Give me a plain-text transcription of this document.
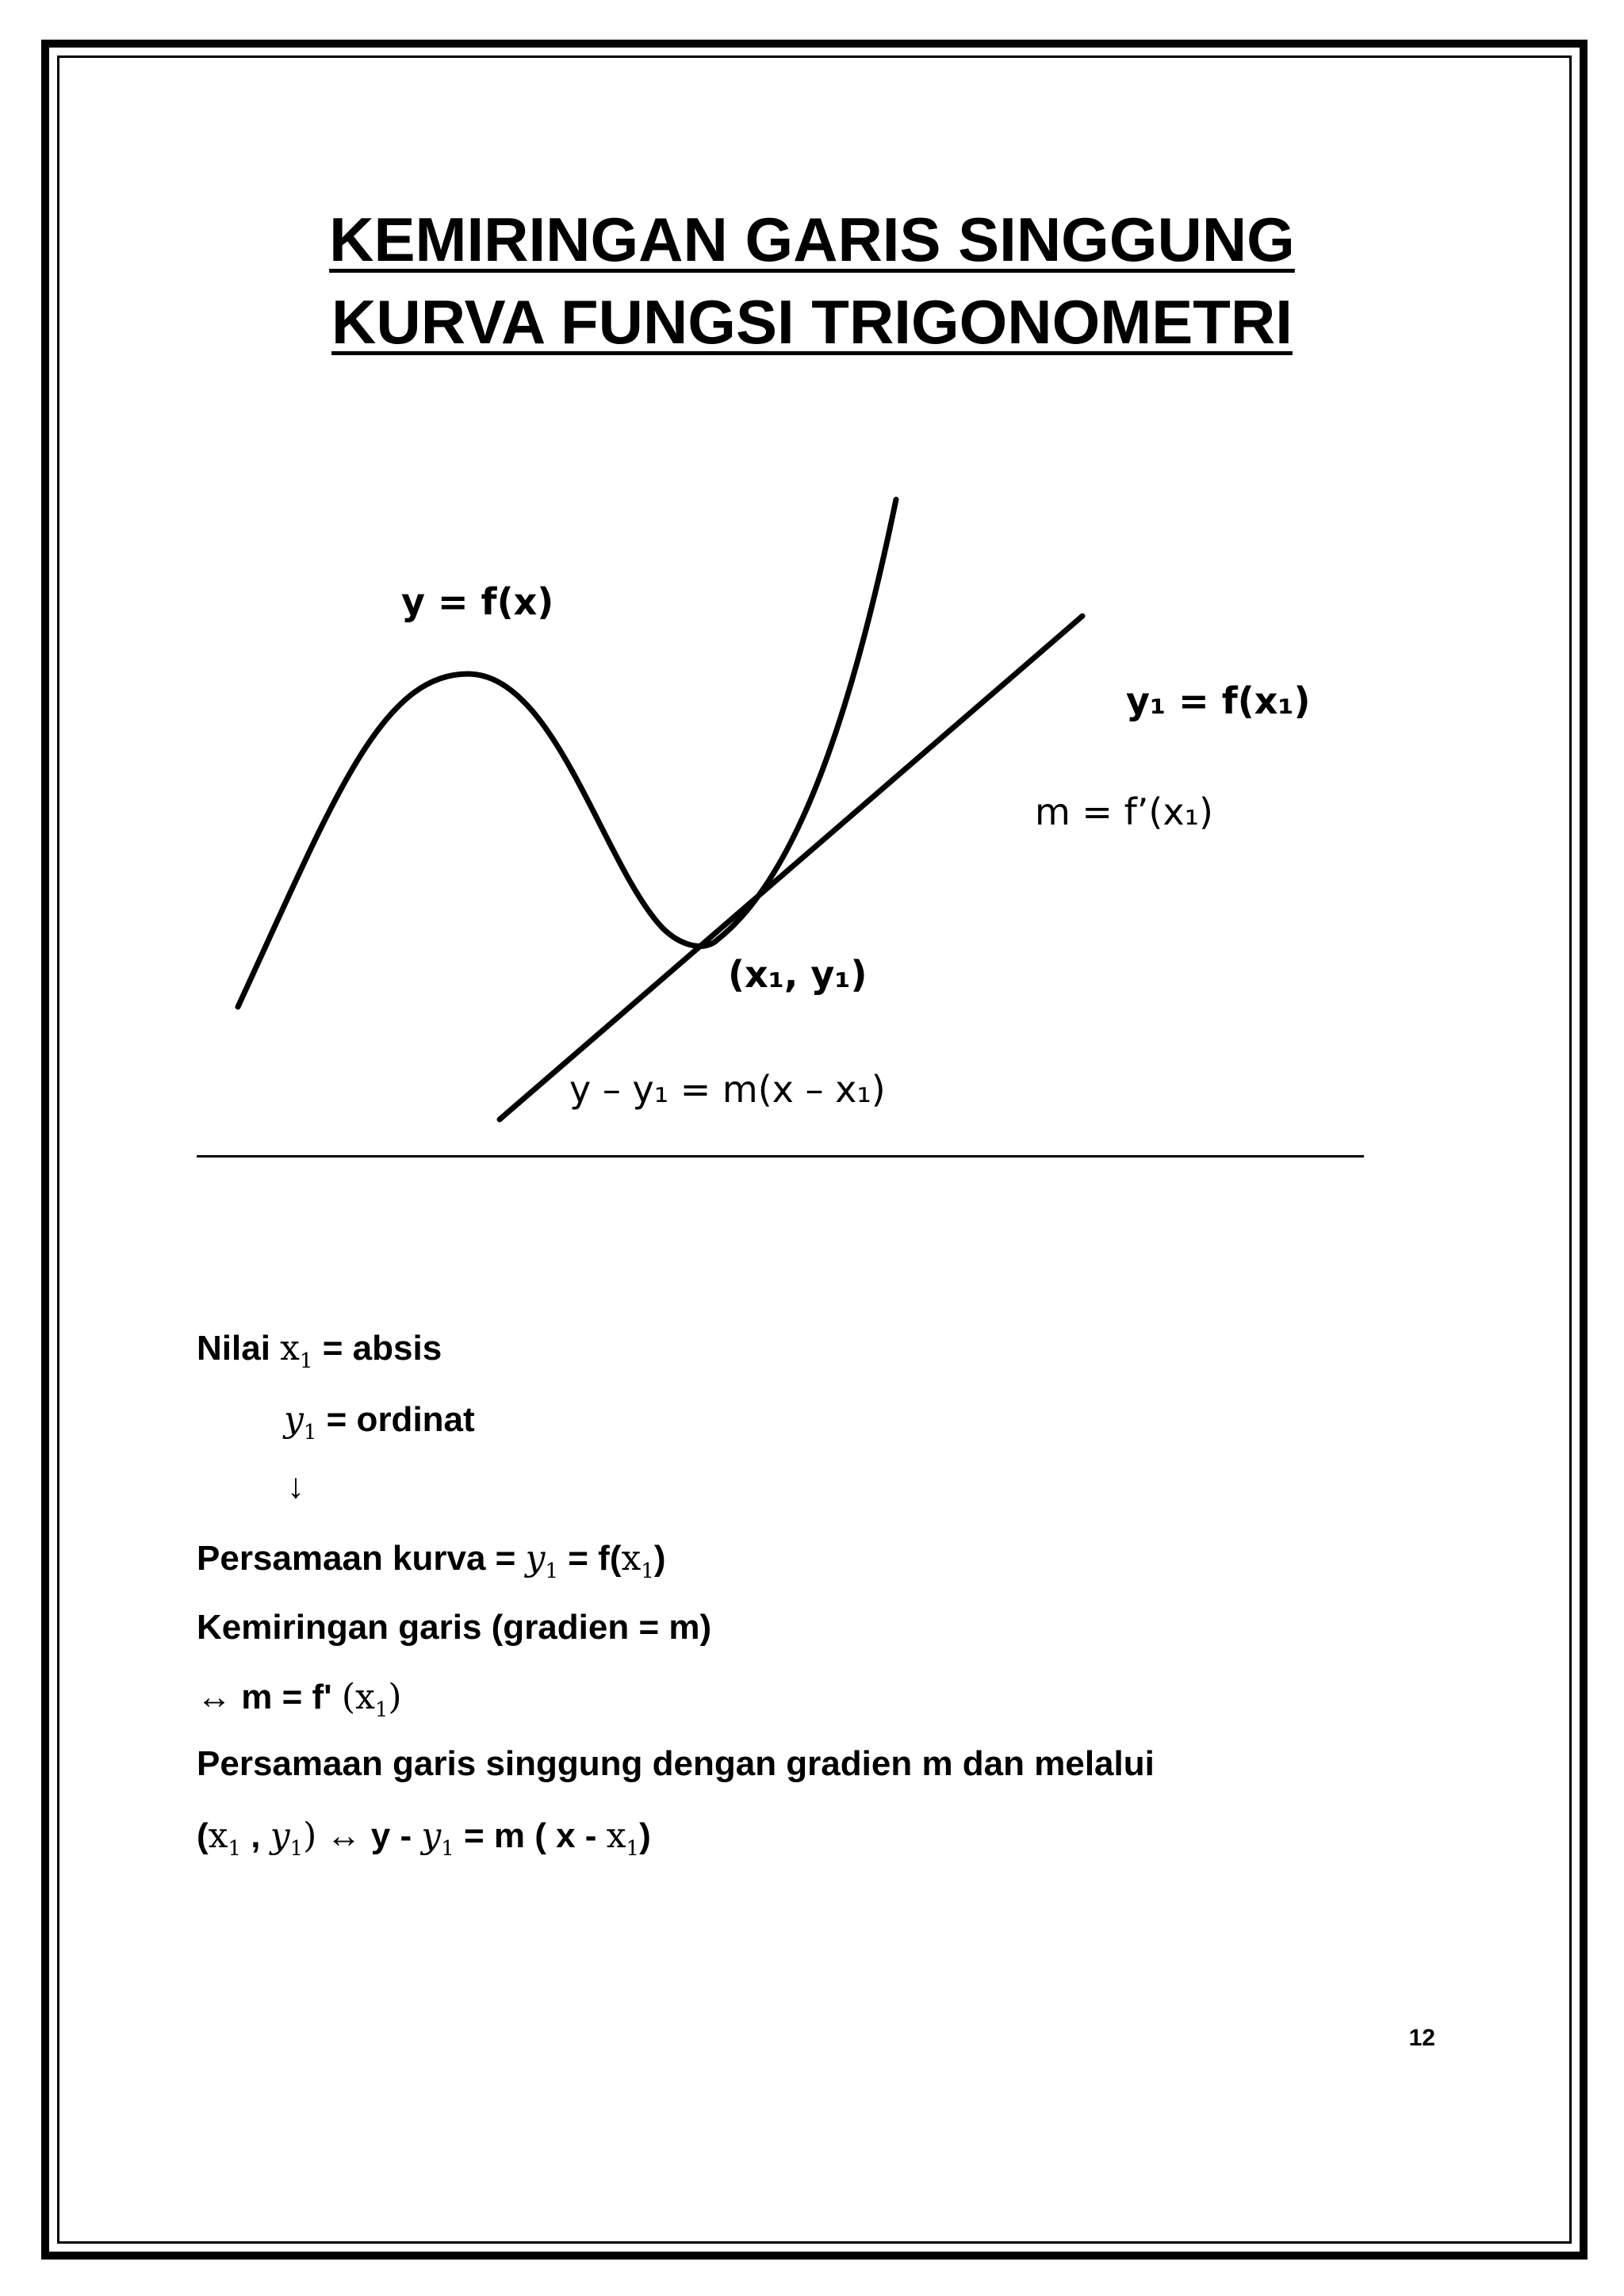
KEMIRINGAN GARIS SINGGUNG
KURVA FUNGSI TRIGONOMETRI
y = f(x)
y₁ = f(x₁)
m = f’(x₁)
(x₁, y₁)
y – y₁ = m(x – x₁)
Nilai $x_1$ = absis
$y_1$ = ordinat
↓
Persamaan kurva = $y_1 = f(x_1)$
Kemiringan garis (gradien = m)
↔ m = f' $(x_1)$
Persamaan garis singgung dengan gradien m dan melalui
($x_1$ , $y_1$) ↔ $y - y_1 = m$ ( x - $x_1$)
12
